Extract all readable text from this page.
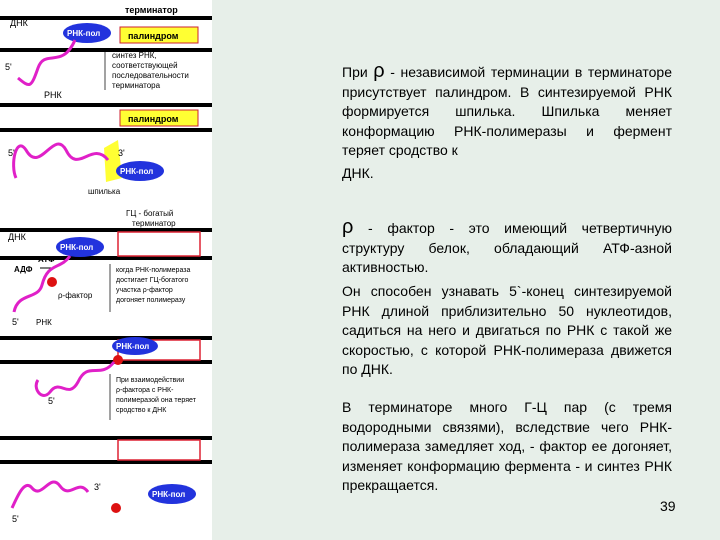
терминатор
ДНК
палиндром
РНК-пол
5'
РНК
синтез РНК,
соответствующей
последовательности
терминатора
палиндром
РНК-пол
5'	3'
шпилька
ГЦ - богатый
терминатор
ДНК
РНК-пол
АТФ
АДФ
ρ-фактор
5' РНК
когда РНК-полимераза
достигает ГЦ-богатого
участка ρ-фактор
догоняет полимеразу
РНК-пол
5'
При взаимодействии
ρ-фактора с РНК-
полимеразой она теряет
сродство к ДНК
РНК-пол
3'
5'
При ρ - независимой терминации в терминаторе присутствует палиндром. В синтезируемой РНК формируется шпилька. Шпилька меняет конформацию РНК-полимеразы и фермент теряет сродство к
ДНК.
ρ - фактор - это имеющий четвертичную структуру белок, обладающий АТФ-азной активностью.
Он способен узнавать 5`-конец синтезируемой РНК длиной приблизительно 50 нуклеотидов, садиться на него и двигаться по РНК с такой же скоростью, с которой РНК-полимераза движется по ДНК.
В терминаторе много Г-Ц пар (с тремя водородными связями), вследствие чего РНК-полимераза замедляет ход, - фактор ее догоняет, изменяет конформацию фермента - и синтез РНК прекращается.
39
